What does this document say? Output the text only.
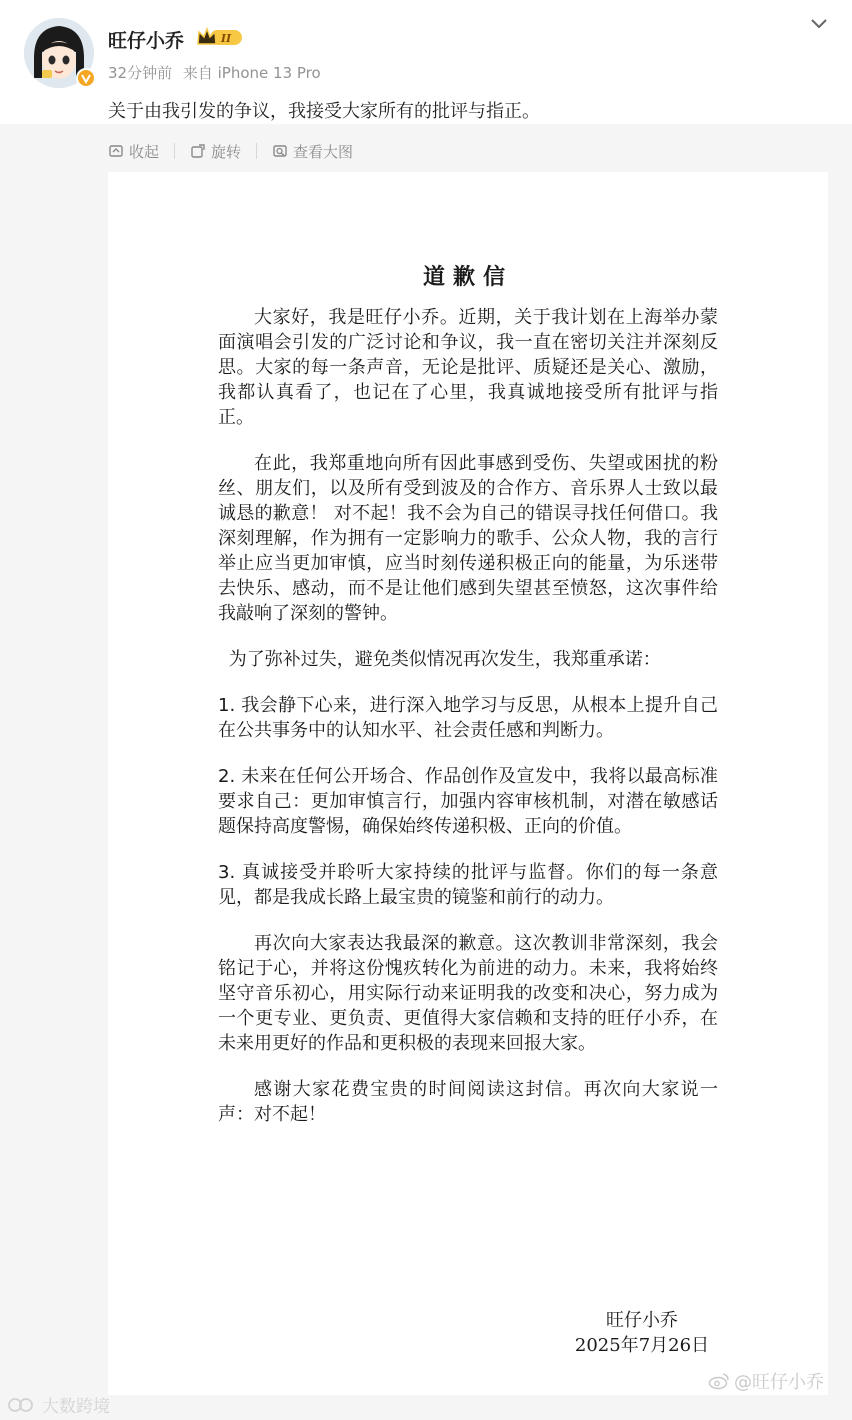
旺仔小乔	II
32分钟前 来自 iPhone 13 Pro
关于由我引发的争议，我接受大家所有的批评与指正。
收起	旋转	查看大图
道歉信

大家好，我是旺仔小乔。近期，关于我计划在上海举办蒙面演唱会引发的广泛讨论和争议，我一直在密切关注并深刻反思。大家的每一条声音，无论是批评、质疑还是关心、激励，我都认真看了，也记在了心里，我真诚地接受所有批评与指正。

在此，我郑重地向所有因此事感到受伤、失望或困扰的粉丝、朋友们，以及所有受到波及的合作方、音乐界人士致以最诚恳的歉意！ 对不起！我不会为自己的错误寻找任何借口。我深刻理解，作为拥有一定影响力的歌手、公众人物，我的言行举止应当更加审慎，应当时刻传递积极正向的能量，为乐迷带去快乐、感动，而不是让他们感到失望甚至愤怒，这次事件给我敲响了深刻的警钟。

为了弥补过失，避免类似情况再次发生，我郑重承诺：

1. 我会静下心来，进行深入地学习与反思，从根本上提升自己在公共事务中的认知水平、社会责任感和判断力。

2. 未来在任何公开场合、作品创作及宣发中，我将以最高标准要求自己：更加审慎言行，加强内容审核机制，对潜在敏感话题保持高度警惕，确保始终传递积极、正向的价值。

3. 真诚接受并聆听大家持续的批评与监督。你们的每一条意见，都是我成长路上最宝贵的镜鉴和前行的动力。

再次向大家表达我最深的歉意。这次教训非常深刻，我会铭记于心，并将这份愧疚转化为前进的动力。未来，我将始终坚守音乐初心，用实际行动来证明我的改变和决心，努力成为一个更专业、更负责、更值得大家信赖和支持的旺仔小乔，在未来用更好的作品和更积极的表现来回报大家。

感谢大家花费宝贵的时间阅读这封信。再次向大家说一声：对不起！

旺仔小乔
2025年7月26日
@旺仔小乔
大数跨境
